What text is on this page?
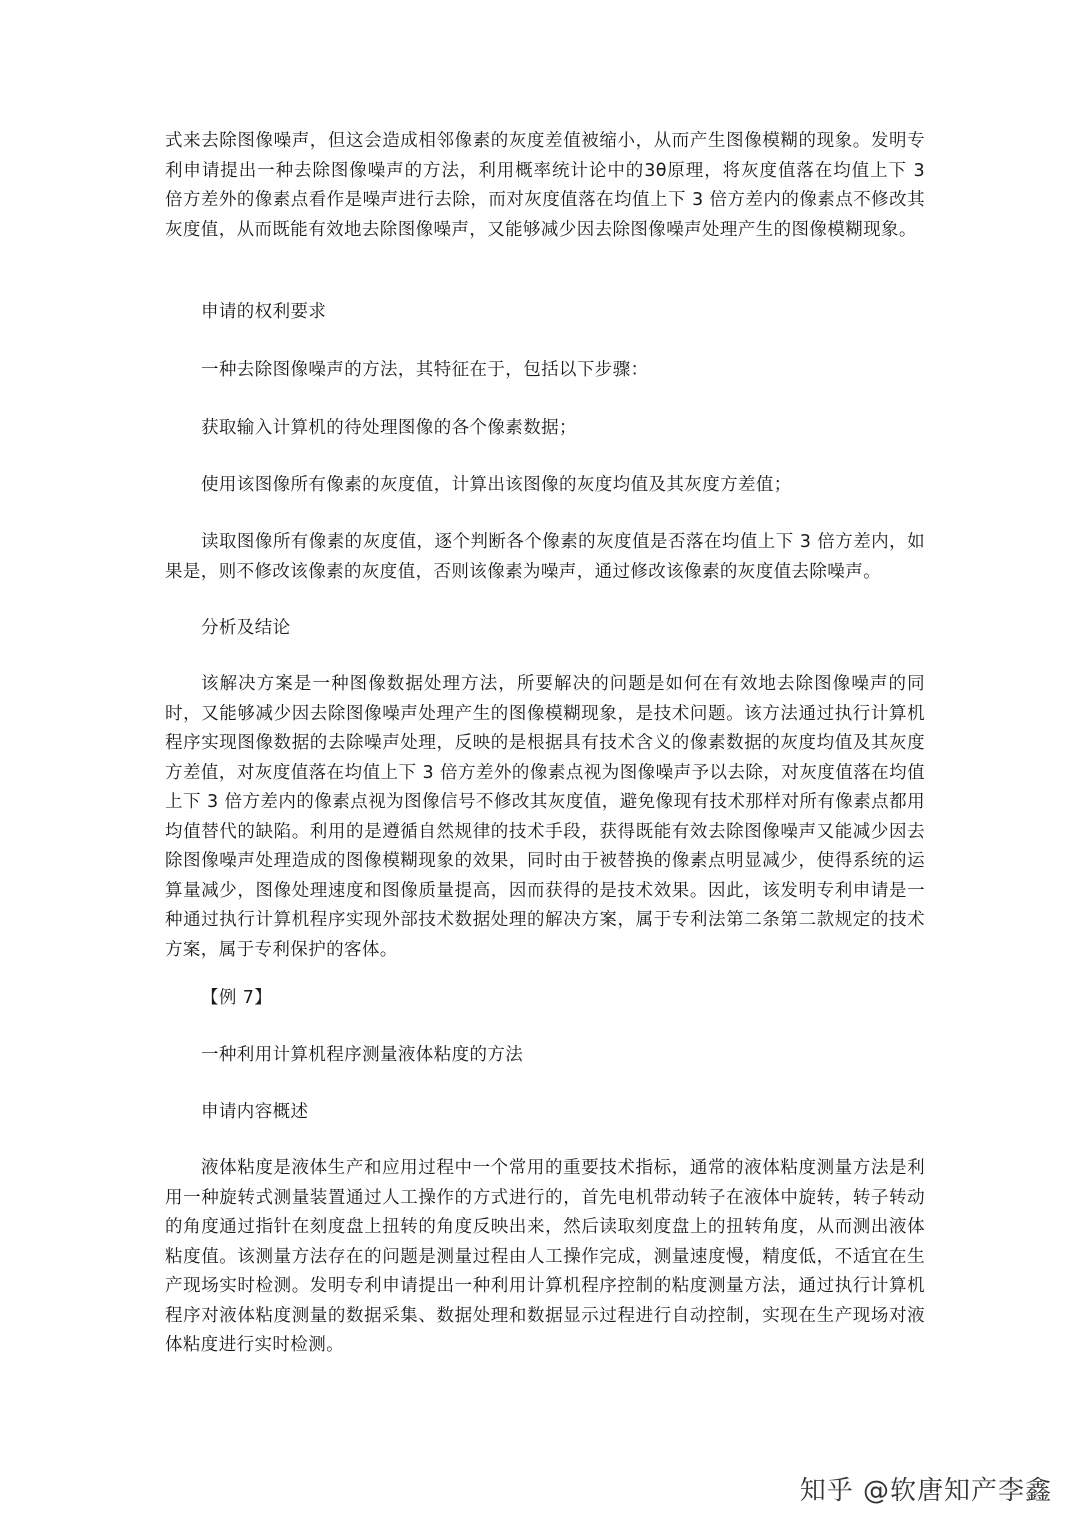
式来去除图像噪声，但这会造成相邻像素的灰度差值被缩小，从而产生图像模糊的现象。发明专利申请提出一种去除图像噪声的方法，利用概率统计论中的3θ原理，将灰度值落在均值上下 3 倍方差外的像素点看作是噪声进行去除，而对灰度值落在均值上下 3 倍方差内的像素点不修改其灰度值，从而既能有效地去除图像噪声，又能够减少因去除图像噪声处理产生的图像模糊现象。

申请的权利要求

一种去除图像噪声的方法，其特征在于，包括以下步骤：

获取输入计算机的待处理图像的各个像素数据；

使用该图像所有像素的灰度值，计算出该图像的灰度均值及其灰度方差值；

读取图像所有像素的灰度值，逐个判断各个像素的灰度值是否落在均值上下 3 倍方差内，如果是，则不修改该像素的灰度值，否则该像素为噪声，通过修改该像素的灰度值去除噪声。

分析及结论

该解决方案是一种图像数据处理方法，所要解决的问题是如何在有效地去除图像噪声的同时，又能够减少因去除图像噪声处理产生的图像模糊现象，是技术问题。该方法通过执行计算机程序实现图像数据的去除噪声处理，反映的是根据具有技术含义的像素数据的灰度均值及其灰度方差值，对灰度值落在均值上下 3 倍方差外的像素点视为图像噪声予以去除，对灰度值落在均值上下 3 倍方差内的像素点视为图像信号不修改其灰度值，避免像现有技术那样对所有像素点都用均值替代的缺陷。利用的是遵循自然规律的技术手段，获得既能有效去除图像噪声又能减少因去除图像噪声处理造成的图像模糊现象的效果，同时由于被替换的像素点明显减少，使得系统的运算量减少，图像处理速度和图像质量提高，因而获得的是技术效果。因此，该发明专利申请是一种通过执行计算机程序实现外部技术数据处理的解决方案，属于专利法第二条第二款规定的技术方案，属于专利保护的客体。

【例 7】

一种利用计算机程序测量液体粘度的方法

申请内容概述

液体粘度是液体生产和应用过程中一个常用的重要技术指标，通常的液体粘度测量方法是利用一种旋转式测量装置通过人工操作的方式进行的，首先电机带动转子在液体中旋转，转子转动的角度通过指针在刻度盘上扭转的角度反映出来，然后读取刻度盘上的扭转角度，从而测出液体粘度值。该测量方法存在的问题是测量过程由人工操作完成，测量速度慢，精度低，不适宜在生产现场实时检测。发明专利申请提出一种利用计算机程序控制的粘度测量方法，通过执行计算机程序对液体粘度测量的数据采集、数据处理和数据显示过程进行自动控制，实现在生产现场对液体粘度进行实时检测。

知乎 @软唐知产李鑫
